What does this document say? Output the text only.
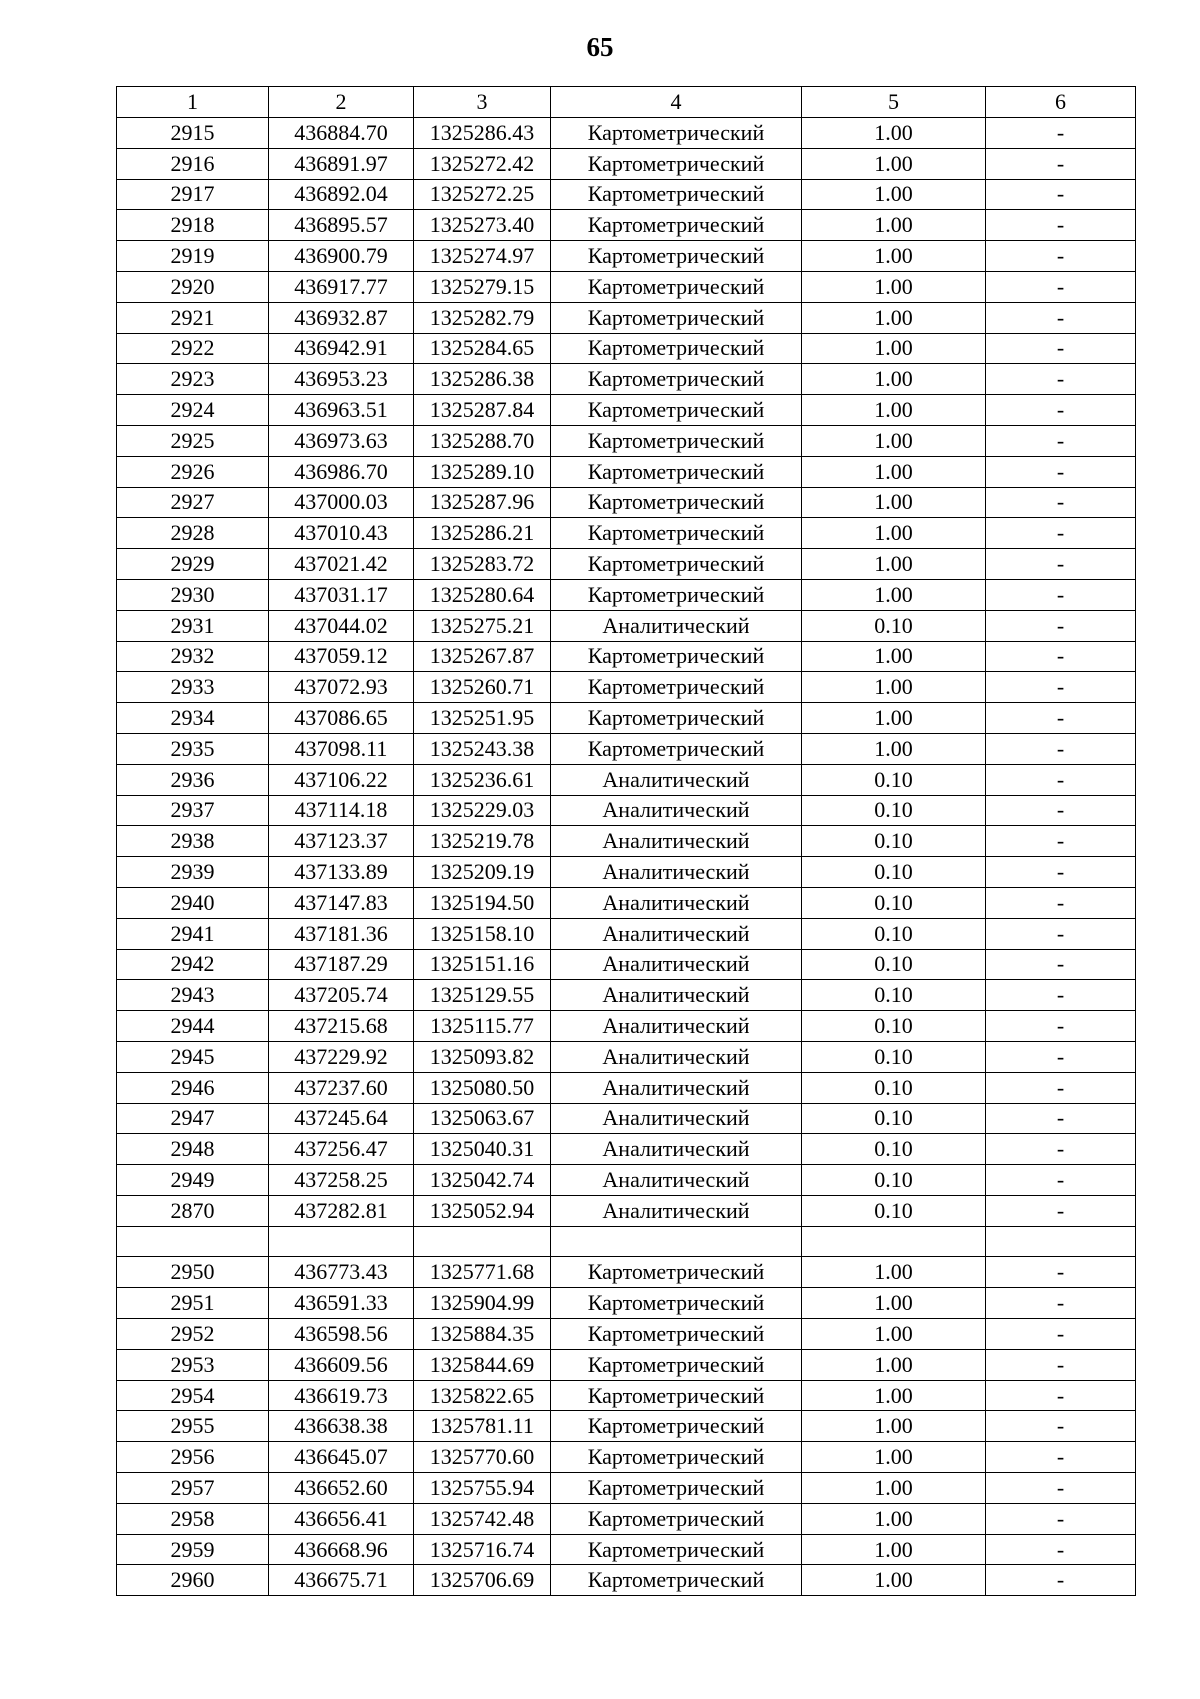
65
1	2	3	4	5	6
2915	436884.70	1325286.43	Картометрический	1.00	-
2916	436891.97	1325272.42	Картометрический	1.00	-
2917	436892.04	1325272.25	Картометрический	1.00	-
2918	436895.57	1325273.40	Картометрический	1.00	-
2919	436900.79	1325274.97	Картометрический	1.00	-
2920	436917.77	1325279.15	Картометрический	1.00	-
2921	436932.87	1325282.79	Картометрический	1.00	-
2922	436942.91	1325284.65	Картометрический	1.00	-
2923	436953.23	1325286.38	Картометрический	1.00	-
2924	436963.51	1325287.84	Картометрический	1.00	-
2925	436973.63	1325288.70	Картометрический	1.00	-
2926	436986.70	1325289.10	Картометрический	1.00	-
2927	437000.03	1325287.96	Картометрический	1.00	-
2928	437010.43	1325286.21	Картометрический	1.00	-
2929	437021.42	1325283.72	Картометрический	1.00	-
2930	437031.17	1325280.64	Картометрический	1.00	-
2931	437044.02	1325275.21	Аналитический	0.10	-
2932	437059.12	1325267.87	Картометрический	1.00	-
2933	437072.93	1325260.71	Картометрический	1.00	-
2934	437086.65	1325251.95	Картометрический	1.00	-
2935	437098.11	1325243.38	Картометрический	1.00	-
2936	437106.22	1325236.61	Аналитический	0.10	-
2937	437114.18	1325229.03	Аналитический	0.10	-
2938	437123.37	1325219.78	Аналитический	0.10	-
2939	437133.89	1325209.19	Аналитический	0.10	-
2940	437147.83	1325194.50	Аналитический	0.10	-
2941	437181.36	1325158.10	Аналитический	0.10	-
2942	437187.29	1325151.16	Аналитический	0.10	-
2943	437205.74	1325129.55	Аналитический	0.10	-
2944	437215.68	1325115.77	Аналитический	0.10	-
2945	437229.92	1325093.82	Аналитический	0.10	-
2946	437237.60	1325080.50	Аналитический	0.10	-
2947	437245.64	1325063.67	Аналитический	0.10	-
2948	437256.47	1325040.31	Аналитический	0.10	-
2949	437258.25	1325042.74	Аналитический	0.10	-
2870	437282.81	1325052.94	Аналитический	0.10	-

2950	436773.43	1325771.68	Картометрический	1.00	-
2951	436591.33	1325904.99	Картометрический	1.00	-
2952	436598.56	1325884.35	Картометрический	1.00	-
2953	436609.56	1325844.69	Картометрический	1.00	-
2954	436619.73	1325822.65	Картометрический	1.00	-
2955	436638.38	1325781.11	Картометрический	1.00	-
2956	436645.07	1325770.60	Картометрический	1.00	-
2957	436652.60	1325755.94	Картометрический	1.00	-
2958	436656.41	1325742.48	Картометрический	1.00	-
2959	436668.96	1325716.74	Картометрический	1.00	-
2960	436675.71	1325706.69	Картометрический	1.00	-
